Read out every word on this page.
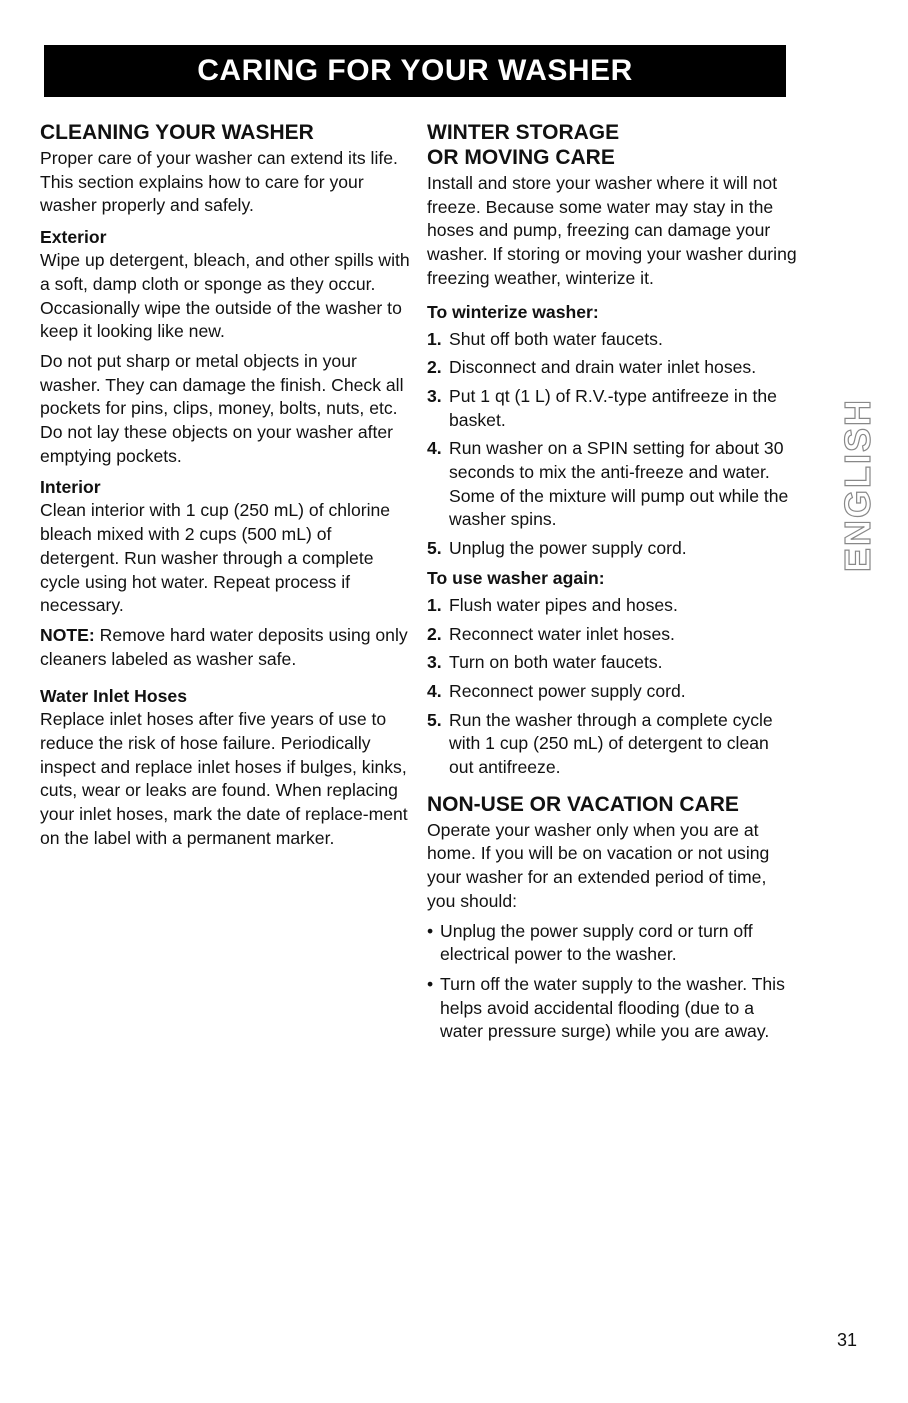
CARING FOR YOUR WASHER
CLEANING YOUR WASHER

Proper care of your washer can extend its life. This section explains how to care for your washer properly and safely.

Exterior

Wipe up detergent, bleach, and other spills with a soft, damp cloth or sponge as they occur. Occasionally wipe the outside of the washer to keep it looking like new.

Do not put sharp or metal objects in your washer. They can damage the finish. Check all pockets for pins, clips, money, bolts, nuts, etc. Do not lay these objects on your washer after emptying pockets.

Interior

Clean interior with 1 cup (250 mL) of chlorine bleach mixed with 2 cups (500 mL) of detergent. Run washer through a complete cycle using hot water. Repeat process if necessary.

NOTE: Remove hard water deposits using only cleaners labeled as washer safe.

Water Inlet Hoses

Replace inlet hoses after five years of use to reduce the risk of hose failure. Periodically inspect and replace inlet hoses if bulges, kinks, cuts, wear or leaks are found. When replacing your inlet hoses, mark the date of replace-ment on the label with a permanent marker.

WINTER STORAGE
OR MOVING CARE

Install and store your washer where it will not freeze. Because some water may stay in the hoses and pump, freezing can damage your washer. If storing or moving your washer during freezing weather, winterize it.

To winterize washer:
1. Shut off both water faucets.
2. Disconnect and drain water inlet hoses.
3. Put 1 qt (1 L) of R.V.-type antifreeze in the basket.
4. Run washer on a SPIN setting for about 30 seconds to mix the anti-freeze and water. Some of the mixture will pump out while the washer spins.
5. Unplug the power supply cord.
To use washer again:
1. Flush water pipes and hoses.
2. Reconnect water inlet hoses.
3. Turn on both water faucets.
4. Reconnect power supply cord.
5. Run the washer through a complete cycle with 1 cup (250 mL) of detergent to clean out antifreeze.
NON-USE OR VACATION CARE

Operate your washer only when you are at home. If you will be on vacation or not using your washer for an extended period of time, you should:

• Unplug the power supply cord or turn off electrical power to the washer.
• Turn off the water supply to the washer. This helps avoid accidental flooding (due to a water pressure surge) while you are away.
ENGLISH
31
